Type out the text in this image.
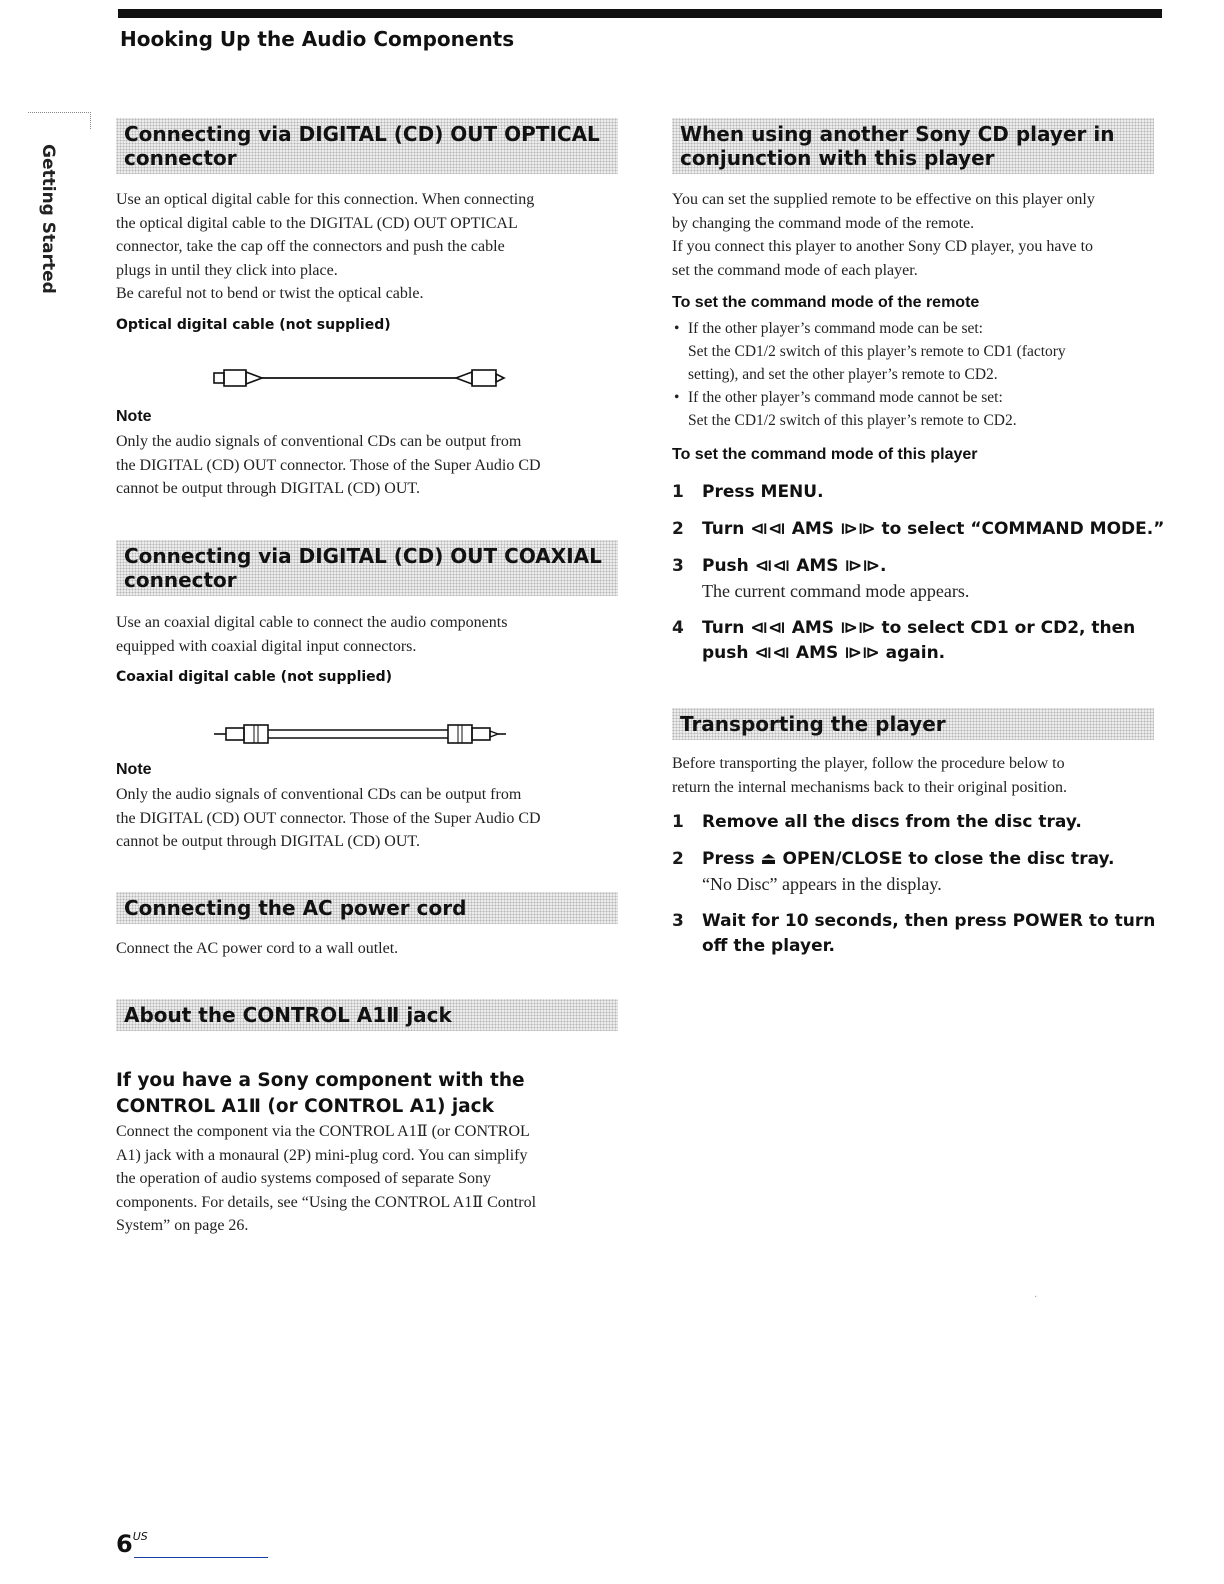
Hooking Up the Audio Components
Getting Started
Connecting via DIGITAL (CD) OUT OPTICAL connector

Use an optical digital cable for this connection. When connecting
the optical digital cable to the DIGITAL (CD) OUT OPTICAL
connector, take the cap off the connectors and push the cable
plugs in until they click into place.
Be careful not to bend or twist the optical cable.

Optical digital cable (not supplied)

Note

Only the audio signals of conventional CDs can be output from
the DIGITAL (CD) OUT connector. Those of the Super Audio CD
cannot be output through DIGITAL (CD) OUT.

Connecting via DIGITAL (CD) OUT COAXIAL connector

Use an coaxial digital cable to connect the audio components
equipped with coaxial digital input connectors.

Coaxial digital cable (not supplied)

Note

Only the audio signals of conventional CDs can be output from
the DIGITAL (CD) OUT connector. Those of the Super Audio CD
cannot be output through DIGITAL (CD) OUT.

Connecting the AC power cord

Connect the AC power cord to a wall outlet.

About the CONTROL A1Ⅱ jack
If you have a Sony component with the CONTROL A1Ⅱ (or CONTROL A1) jack

Connect the component via the CONTROL A1Ⅱ (or CONTROL
A1) jack with a monaural (2P) mini-plug cord. You can simplify
the operation of audio systems composed of separate Sony
components. For details, see “Using the CONTROL A1Ⅱ Control
System” on page 26.

When using another Sony CD player in conjunction with this player

You can set the supplied remote to be effective on this player only
by changing the command mode of the remote.
If you connect this player to another Sony CD player, you have to
set the command mode of each player.

To set the command mode of the remote

• If the other player’s command mode can be set:
Set the CD1/2 switch of this player’s remote to CD1 (factory
setting), and set the other player’s remote to CD2.
• If the other player’s command mode cannot be set:
Set the CD1/2 switch of this player’s remote to CD2.

To set the command mode of this player

1 Press MENU.
2 Turn ⧏⧏ AMS ⧐⧐ to select “COMMAND MODE.”
3 Push ⧏⧏ AMS ⧐⧐.
The current command mode appears.
4 Turn ⧏⧏ AMS ⧐⧐ to select CD1 or CD2, then push ⧏⧏ AMS ⧐⧐ again.
Transporting the player

Before transporting the player, follow the procedure below to
return the internal mechanisms back to their original position.

1 Remove all the discs from the disc tray.
2 Press ⏏ OPEN/CLOSE to close the disc tray.
“No Disc” appears in the display.
3 Wait for 10 seconds, then press POWER to turn off the player.
·
$6^{US}$
